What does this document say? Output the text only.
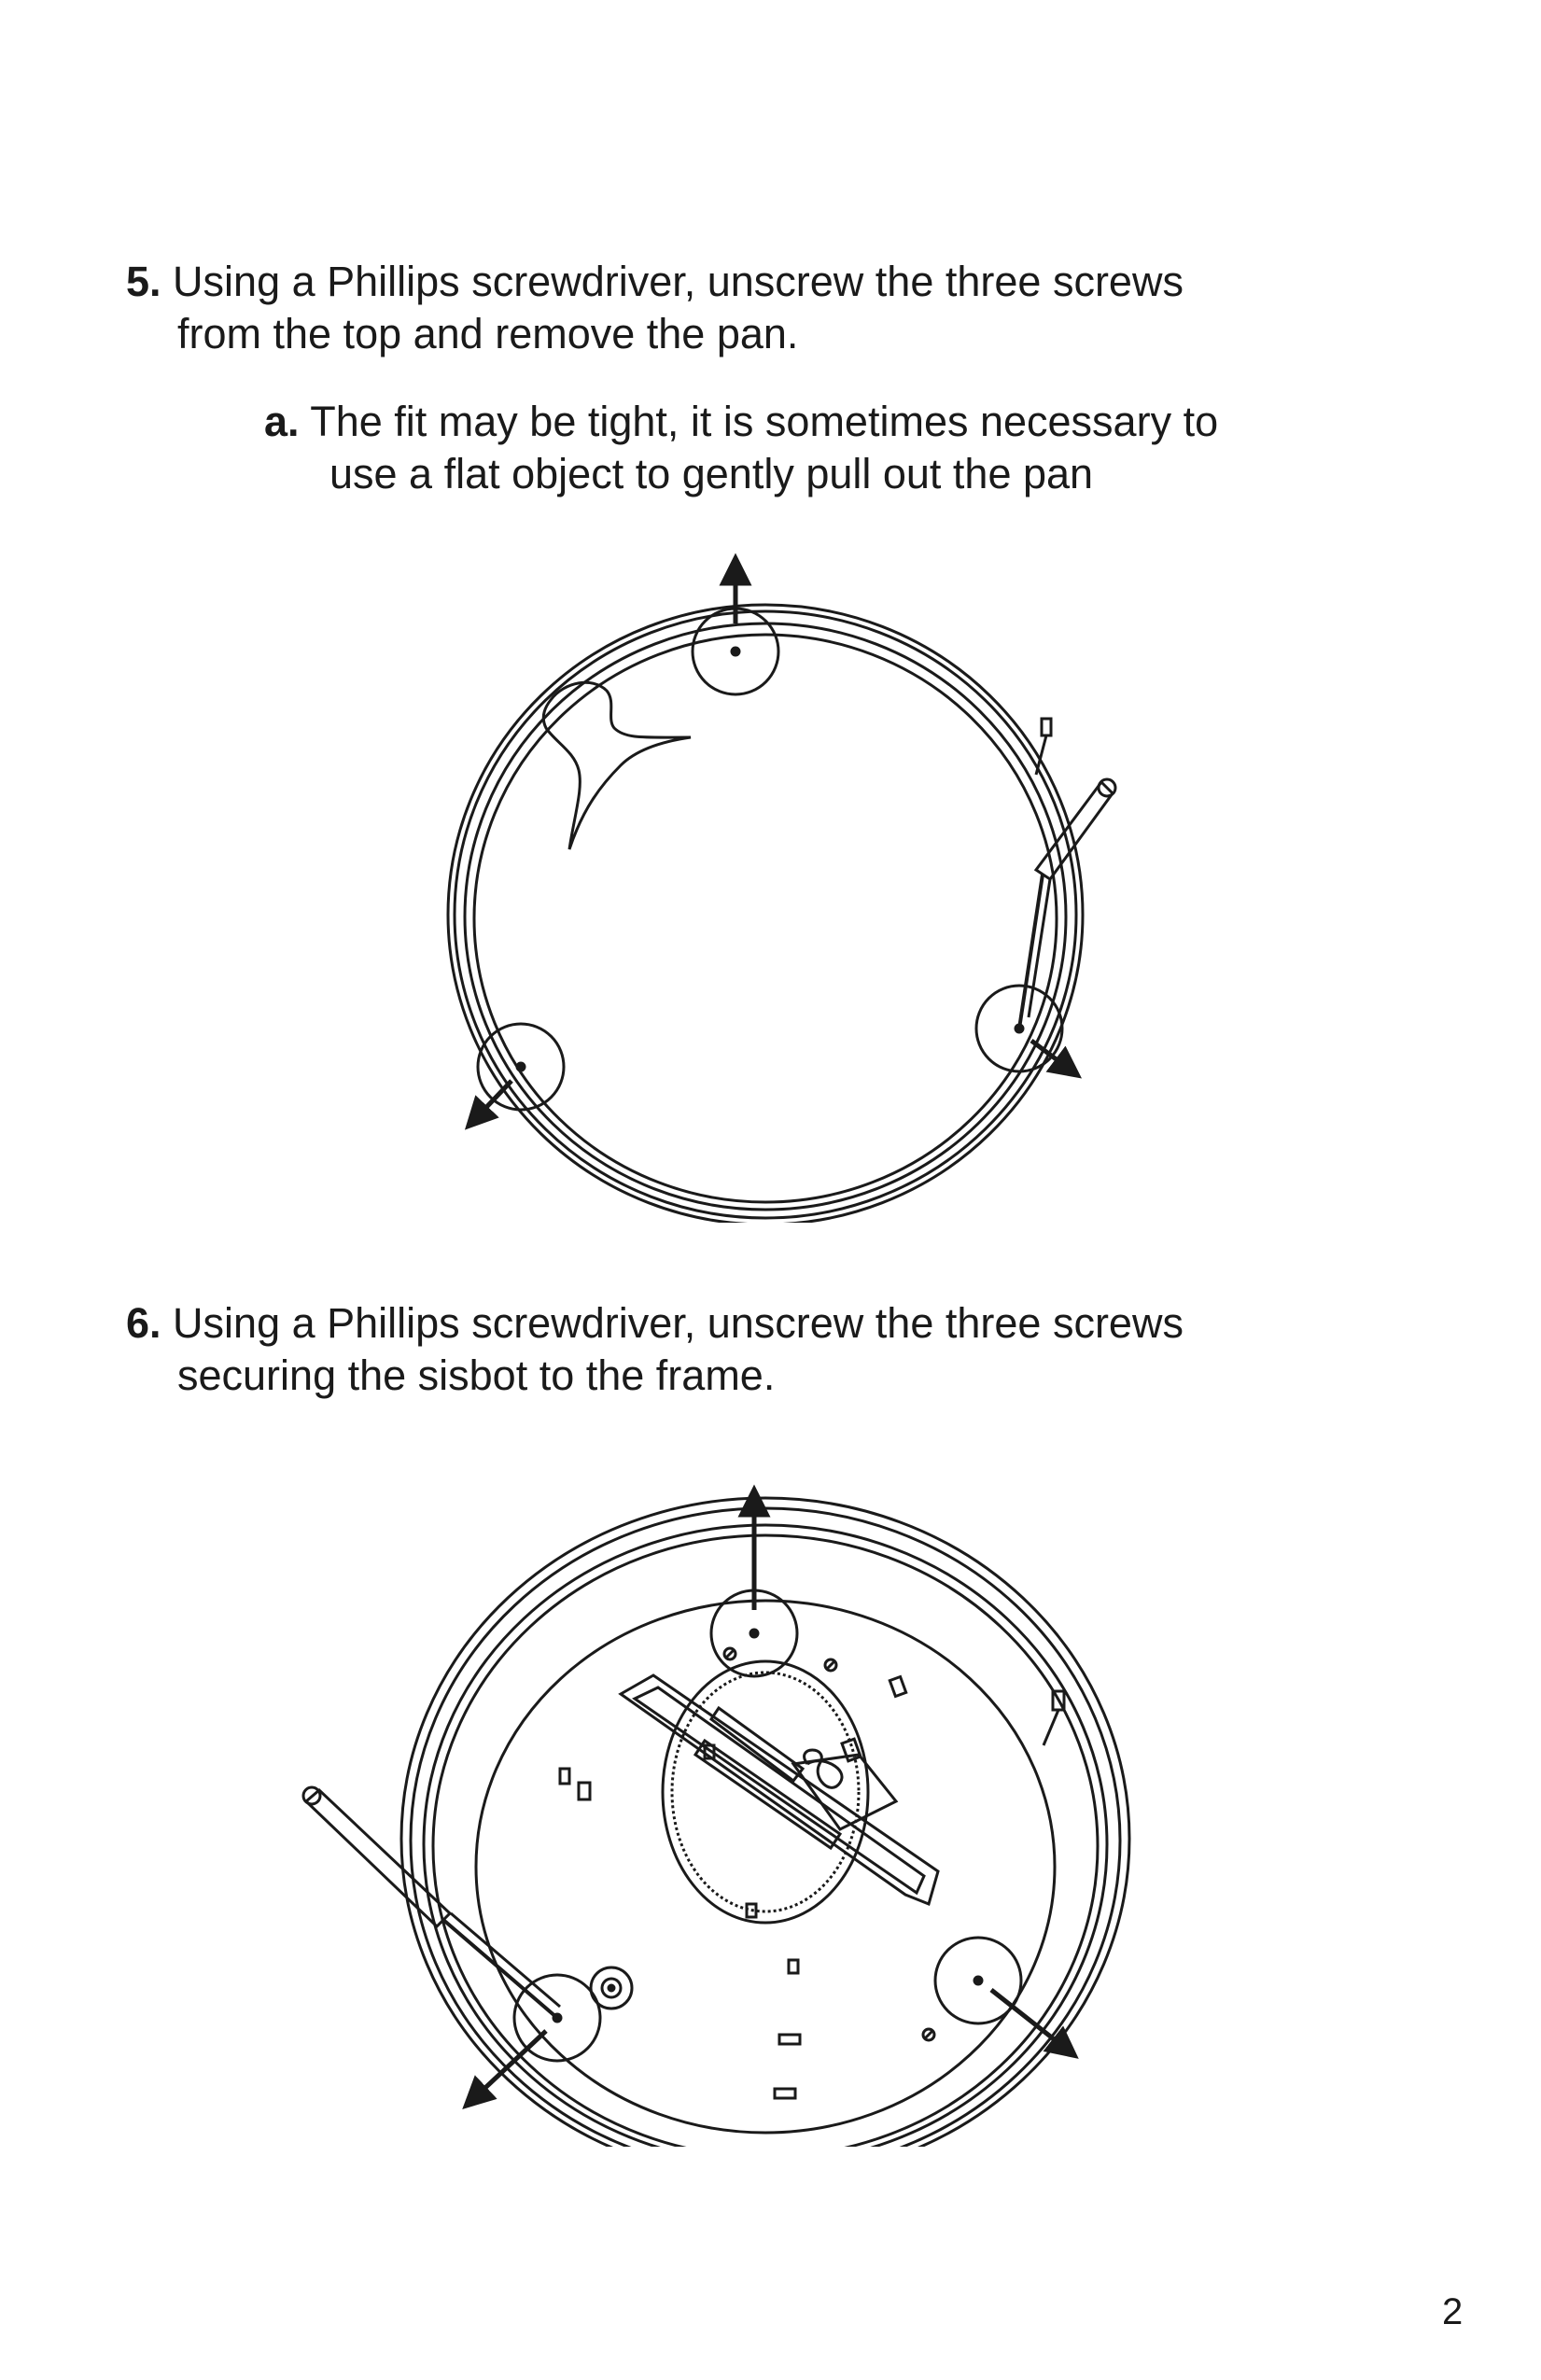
5. Using a Phillips screwdriver, unscrew the three screws
from the top and remove the pan.

a. The fit may be tight, it is sometimes necessary to
use a flat object to gently pull out the pan

6. Using a Phillips screwdriver, unscrew the three screws
securing the sisbot to the frame.

2
